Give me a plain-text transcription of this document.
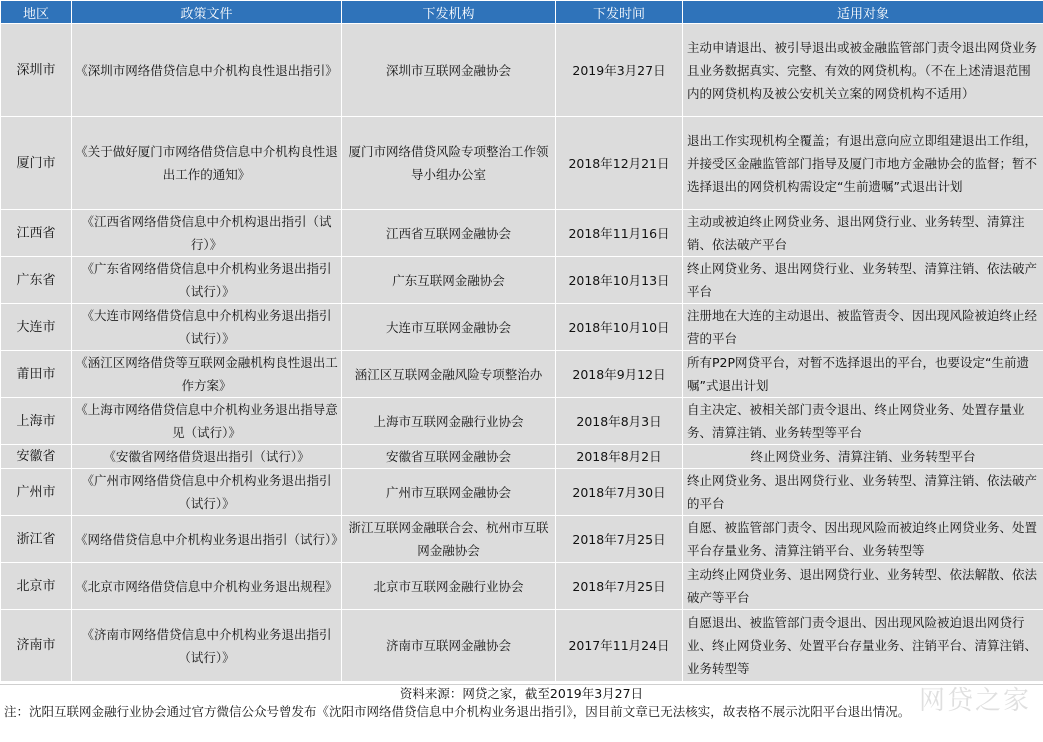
地区	政策文件	下发机构	下发时间	适用对象
深圳市	《深圳市网络借贷信息中介机构良性退出指引》	深圳市互联网金融协会	2019年3月27日	主动申请退出、被引导退出或被金融监管部门责令退出网贷业务且业务数据真实、完整、有效的网贷机构。（不在上述清退范围内的网贷机构及被公安机关立案的网贷机构不适用）
厦门市	《关于做好厦门市网络借贷信息中介机构良性退出工作的通知》	厦门市网络借贷风险专项整治工作领导小组办公室	2018年12月21日	退出工作实现机构全覆盖；有退出意向应立即组建退出工作组，并接受区金融监管部门指导及厦门市地方金融协会的监督；暂不选择退出的网贷机构需设定“生前遗嘱”式退出计划
江西省	《江西省网络借贷信息中介机构退出指引（试行）》	江西省互联网金融协会	2018年11月16日	主动或被迫终止网贷业务、退出网贷行业、业务转型、清算注销、依法破产平台
广东省	《广东省网络借贷信息中介机构业务退出指引（试行）》	广东互联网金融协会	2018年10月13日	终止网贷业务、退出网贷行业、业务转型、清算注销、依法破产平台
大连市	《大连市网络借贷信息中介机构业务退出指引（试行）》	大连市互联网金融协会	2018年10月10日	注册地在大连的主动退出、被监管责令、因出现风险被迫终止经营的平台
莆田市	《涵江区网络借贷等互联网金融机构良性退出工作方案》	涵江区互联网金融风险专项整治办	2018年9月12日	所有P2P网贷平台，对暂不选择退出的平台，也要设定“生前遗嘱”式退出计划
上海市	《上海市网络借贷信息中介机构业务退出指导意见（试行）》	上海市互联网金融行业协会	2018年8月3日	自主决定、被相关部门责令退出、终止网贷业务、处置存量业务、清算注销、业务转型等平台
安徽省	《安徽省网络借贷退出指引（试行）》	安徽省互联网金融协会	2018年8月2日	终止网贷业务、清算注销、业务转型平台
广州市	《广州市网络借贷信息中介机构业务退出指引（试行）》	广州市互联网金融协会	2018年7月30日	终止网贷业务、退出网贷行业、业务转型、清算注销、依法破产的平台
浙江省	《网络借贷信息中介机构业务退出指引（试行）》	浙江互联网金融联合会、杭州市互联网金融协会	2018年7月25日	自愿、被监管部门责令、因出现风险而被迫终止网贷业务、处置平台存量业务、清算注销平台、业务转型等
北京市	《北京市网络借贷信息中介机构业务退出规程》	北京市互联网金融行业协会	2018年7月25日	主动终止网贷业务、退出网贷行业、业务转型、依法解散、依法破产等平台
济南市	《济南市网络借贷信息中介机构业务退出指引（试行）》	济南市互联网金融协会	2017年11月24日	自愿退出、被监管部门责令退出、因出现风险被迫退出网贷行业、终止网贷业务、处置平台存量业务、注销平台、清算注销、业务转型等
资料来源：网贷之家，截至2019年3月27日
注：沈阳互联网金融行业协会通过官方微信公众号曾发布《沈阳市网络借贷信息中介机构业务退出指引》，因目前文章已无法核实，故表格不展示沈阳平台退出情况。 网贷之家
